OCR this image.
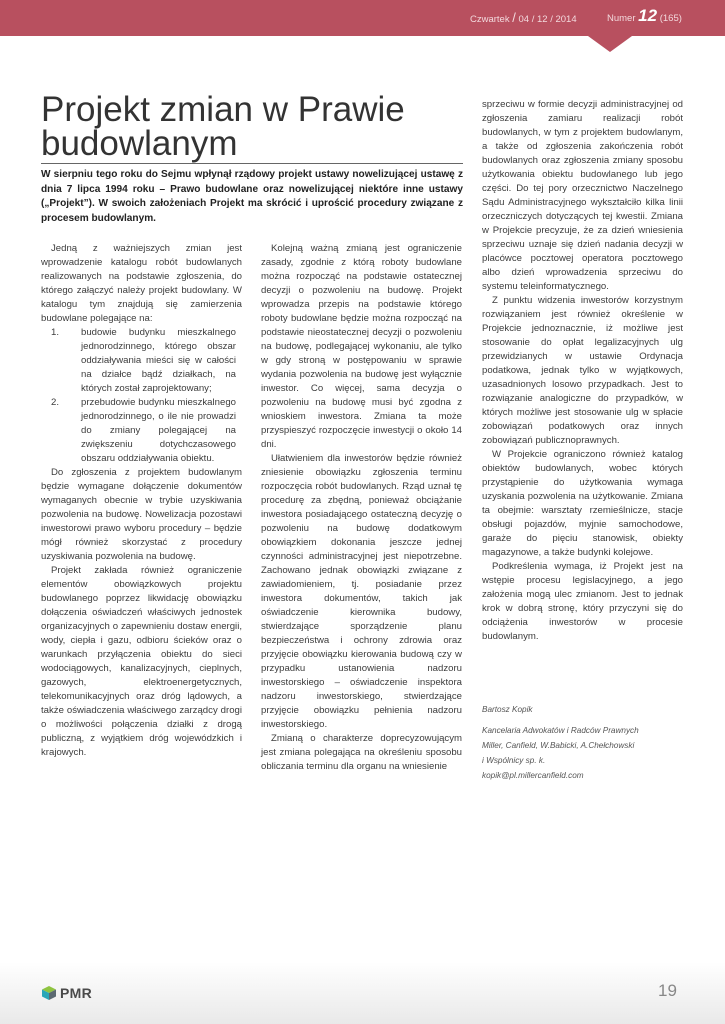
Czwartek / 04 / 12 / 2014	Numer 12 (165)
Projekt zmian w Prawie
budowlanym
W sierpniu tego roku do Sejmu wpłynął rządowy projekt ustawy nowelizującej ustawę z dnia 7 lipca 1994 roku – Prawo budowlane oraz nowelizującej niektóre inne ustawy („Projekt”). W swoich założeniach Projekt ma skrócić i uprościć procedury związane z procesem budowlanym.

Jedną z ważniejszych zmian jest wprowadzenie katalogu robót budowlanych realizowanych na podstawie zgłoszenia, do którego załączyć należy projekt budowlany. W katalogu tym znajdują się zamierzenia budowlane polegające na:

1. budowie budynku mieszkalnego jednorodzinnego, którego obszar oddziaływania mieści się w całości na działce bądź działkach, na których został zaprojektowany;
2. przebudowie budynku mieszkalnego jednorodzinnego, o ile nie prowadzi do zmiany polegającej na zwiększeniu dotychczasowego obszaru oddziaływania obiektu.

Do zgłoszenia z projektem budowlanym będzie wymagane dołączenie dokumentów wymaganych obecnie w trybie uzyskiwania pozwolenia na budowę. Nowelizacja pozostawi inwestorowi prawo wyboru procedury – będzie mógł również skorzystać z procedury uzyskiwania pozwolenia na budowę.

Projekt zakłada również ograniczenie elementów obowiązkowych projektu budowlanego poprzez likwidację obowiązku dołączenia oświadczeń właściwych jednostek organizacyjnych o zapewnieniu dostaw energii, wody, ciepła i gazu, odbioru ścieków oraz o warunkach przyłączenia obiektu do sieci wodociągowych, kanalizacyjnych, cieplnych, gazowych, elektroenergetycznych, telekomunikacyjnych oraz dróg lądowych, a także oświadczenia właściwego zarządcy drogi o możliwości połączenia działki z drogą publiczną, z wyjątkiem dróg wojewódzkich i krajowych.

Kolejną ważną zmianą jest ograniczenie zasady, zgodnie z którą roboty budowlane można rozpocząć na podstawie ostatecznej decyzji o pozwoleniu na budowę. Projekt wprowadza przepis na podstawie którego roboty budowlane będzie można rozpocząć na podstawie nieostatecznej decyzji o pozwoleniu na budowę, podlegającej wykonaniu, ale tylko w gdy stroną w postępowaniu w sprawie wydania pozwolenia na budowę jest wyłącznie inwestor. Co więcej, sama decyzja o pozwoleniu na budowę musi być zgodna z wnioskiem inwestora. Zmiana ta może przyspieszyć rozpoczęcie inwestycji o około 14 dni.

Ułatwieniem dla inwestorów będzie również zniesienie obowiązku zgłoszenia terminu rozpoczęcia robót budowlanych. Rząd uznał tę procedurę za zbędną, ponieważ obciążanie inwestora posiadającego ostateczną decyzję o pozwoleniu na budowę dodatkowym obowiązkiem dokonania jeszcze jednej czynności administracyjnej jest niepotrzebne. Zachowano jednak obowiązki związane z zawiadomieniem, tj. posiadanie przez inwestora dokumentów, takich jak oświadczenie kierownika budowy, stwierdzające sporządzenie planu bezpieczeństwa i ochrony zdrowia oraz przyjęcie obowiązku kierowania budową czy w przypadku ustanowienia nadzoru inwestorskiego – oświadczenie inspektora nadzoru inwestorskiego, stwierdzające przyjęcie obowiązku pełnienia nadzoru inwestorskiego.

Zmianą o charakterze doprecyzowującym jest zmiana polegająca na określeniu sposobu obliczania terminu dla organu na wniesienie

sprzeciwu w formie decyzji administracyjnej od zgłoszenia zamiaru realizacji robót budowlanych, w tym z projektem budowlanym, a także od zgłoszenia zakończenia robót budowlanych oraz zgłoszenia zmiany sposobu użytkowania obiektu budowlanego lub jego części. Do tej pory orzecznictwo Naczelnego Sądu Administracyjnego wykształciło kilka linii orzeczniczych dotyczących tej kwestii. Zmiana w Projekcie precyzuje, że za dzień wniesienia sprzeciwu uznaje się dzień nadania decyzji w placówce pocztowej operatora pocztowego albo dzień wprowadzenia sprzeciwu do systemu teleinformatycznego.

Z punktu widzenia inwestorów korzystnym rozwiązaniem jest również określenie w Projekcie jednoznacznie, iż możliwe jest stosowanie do opłat legalizacyjnych ulg przewidzianych w ustawie Ordynacja podatkowa, jednak tylko w wyjątkowych, uzasadnionych losowo przypadkach. Jest to rozwiązanie analogiczne do przypadków, w których możliwe jest stosowanie ulg w spłacie zobowiązań podatkowych oraz innych zobowiązań publicznoprawnych.

W Projekcie ograniczono również katalog obiektów budowlanych, wobec których przystąpienie do użytkowania wymaga uzyskania pozwolenia na użytkowanie. Zmiana ta obejmie: warsztaty rzemieślnicze, stacje obsługi pojazdów, myjnie samochodowe, garaże do pięciu stanowisk, obiekty magazynowe, a także budynki kolejowe.

Podkreślenia wymaga, iż Projekt jest na wstępie procesu legislacyjnego, a jego założenia mogą ulec zmianom. Jest to jednak krok w dobrą stronę, który przyczyni się do odciążenia inwestorów w procesie budowlanym.

Bartosz Kopik
Kancelaria Adwokatów i Radców Prawnych
Miller, Canfield, W.Babicki, A.Chełchowski
i Wspólnicy sp. k.
kopik@pl.millercanfield.com
PMR	19
